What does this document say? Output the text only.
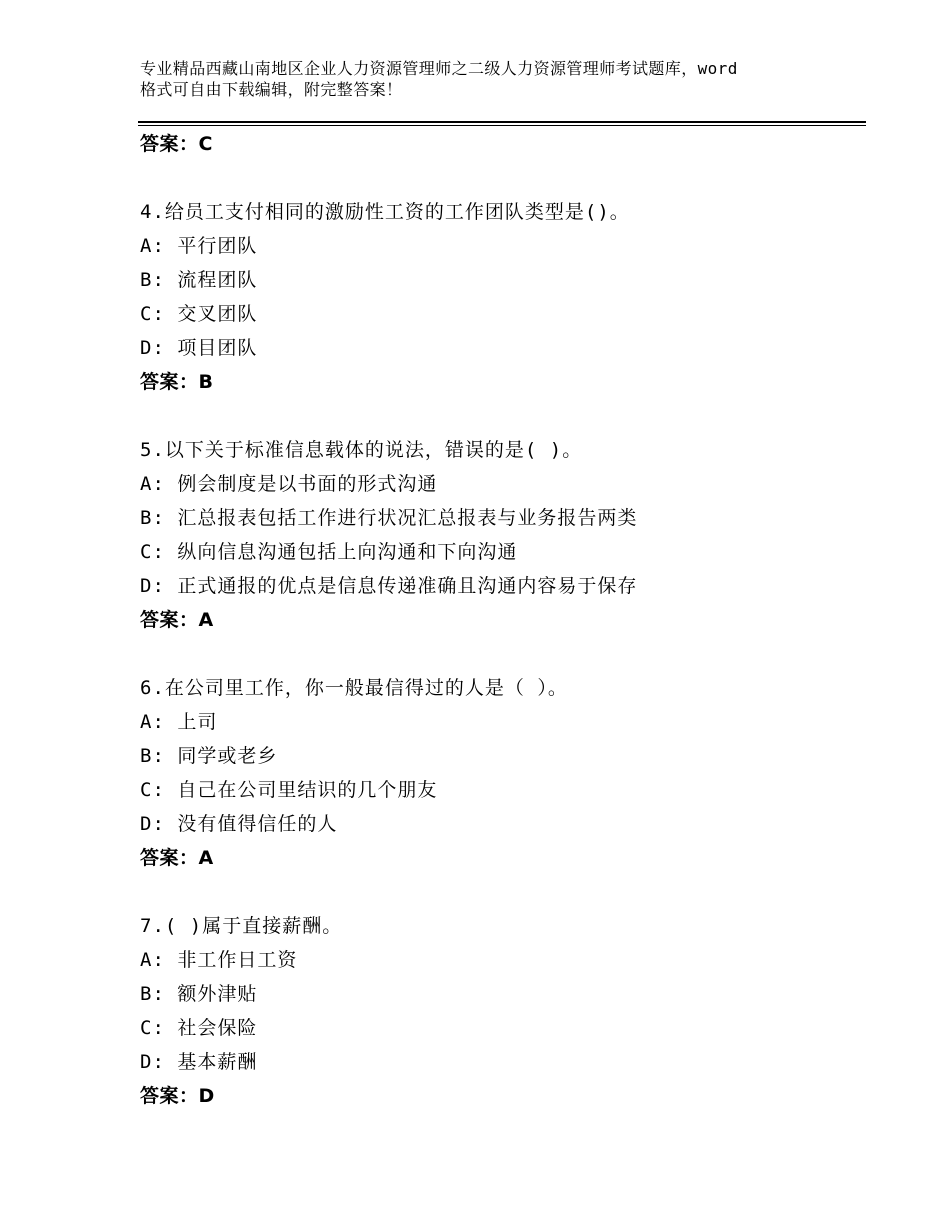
专业精品西藏山南地区企业人力资源管理师之二级人力资源管理师考试题库，word
格式可自由下载编辑，附完整答案！
答案：C
4.给员工支付相同的激励性工资的工作团队类型是()。
A: 平行团队
B: 流程团队
C: 交叉团队
D: 项目团队
答案：B
5.以下关于标准信息载体的说法，错误的是( )。
A: 例会制度是以书面的形式沟通
B: 汇总报表包括工作进行状况汇总报表与业务报告两类
C: 纵向信息沟通包括上向沟通和下向沟通
D: 正式通报的优点是信息传递准确且沟通内容易于保存
答案：A
6.在公司里工作，你一般最信得过的人是（ ）。
A: 上司
B: 同学或老乡
C: 自己在公司里结识的几个朋友
D: 没有值得信任的人
答案：A
7.( )属于直接薪酬。
A: 非工作日工资
B: 额外津贴
C: 社会保险
D: 基本薪酬
答案：D
